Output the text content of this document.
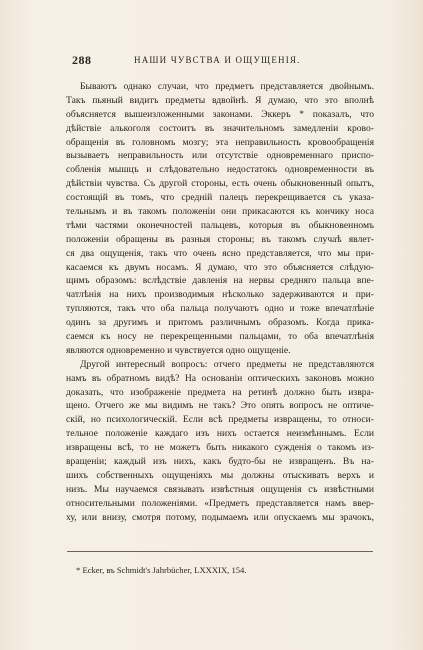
288	НАШИ ЧУВСТВА И ОЩУЩЕНІЯ.
Бываютъ однако случаи, что предметъ представляется двойнымъ.
Такъ пьяный видитъ предметы вдвойнѣ. Я думаю, что это вполнѣ
объясняется вышеизложенными законами. Эккеръ * показалъ, что
дѣйствіе алькоголя состоитъ въ значительномъ замедленіи крово-
обращенія въ головномъ мозгу; эта неправильность кровообращенія
вызываетъ неправильность или отсутствіе одновременнаго приспо-
собленія мышцъ и слѣдовательно недостатокъ одновременности въ
дѣйствіи чувства. Съ другой стороны, есть очень обыкновенный опытъ,
состоящій въ томъ, что средній палецъ перекрещивается съ указа-
тельнымъ и въ такомъ положеніи они прикасаются къ кончику носа
тѣми частями оконечностей пальцевъ, которыя въ обыкновенномъ
положеніи обращены въ разныя стороны; въ такомъ случаѣ явлет-
ся два ощущенія, такъ что очень ясно представляется, что мы при-
касаемся къ двумъ носамъ. Я думаю, что это объясняется слѣдую-
щимъ образомъ: вслѣдствіе давленія на нервы средняго пальца впе-
чатлѣнія на нихъ производимыя нѣсколько задерживаются и при-
тупляются, такъ что оба пальца получаютъ одно и тоже впечатлѣніе
одинъ за другимъ и притомъ различнымъ образомъ. Когда прика-
саемся къ носу не перекрещенными пальцами, то оба впечатлѣнія
являются одновременно и чувствуется одно ощущеніе.
Другой интересный вопросъ: отчего предметы не представляются
намъ въ обратномъ видѣ? На основаніи оптическихъ законовъ можно
доказать, что изображеніе предмета на ретинѣ должно быть извра-
щено. Отчего же мы видимъ не такъ? Это опять вопросъ не оптиче-
скій, но психологическій. Если всѣ предметы извращены, то относи-
тельное положеніе каждаго изъ нихъ остается неизмѣннымъ. Если
извращены всѣ, то не можетъ быть никакого сужденія о такомъ из-
вращеніи; каждый изъ нихъ, какъ будто-бы не извращенъ. Въ на-
шихъ собственныхъ ощущеніяхъ мы должны отыскивать верхъ и
низъ. Мы научаемся связывать извѣстныя ощущенія съ извѣстными
относительными положеніями. «Предметъ представляется намъ ввер-
ху, или внизу, смотря потому, подымаемъ или опускаемъ мы зрачокъ,
* Ecker, въ Schmidt's Jahrbücher, LXXXIX, 154.
